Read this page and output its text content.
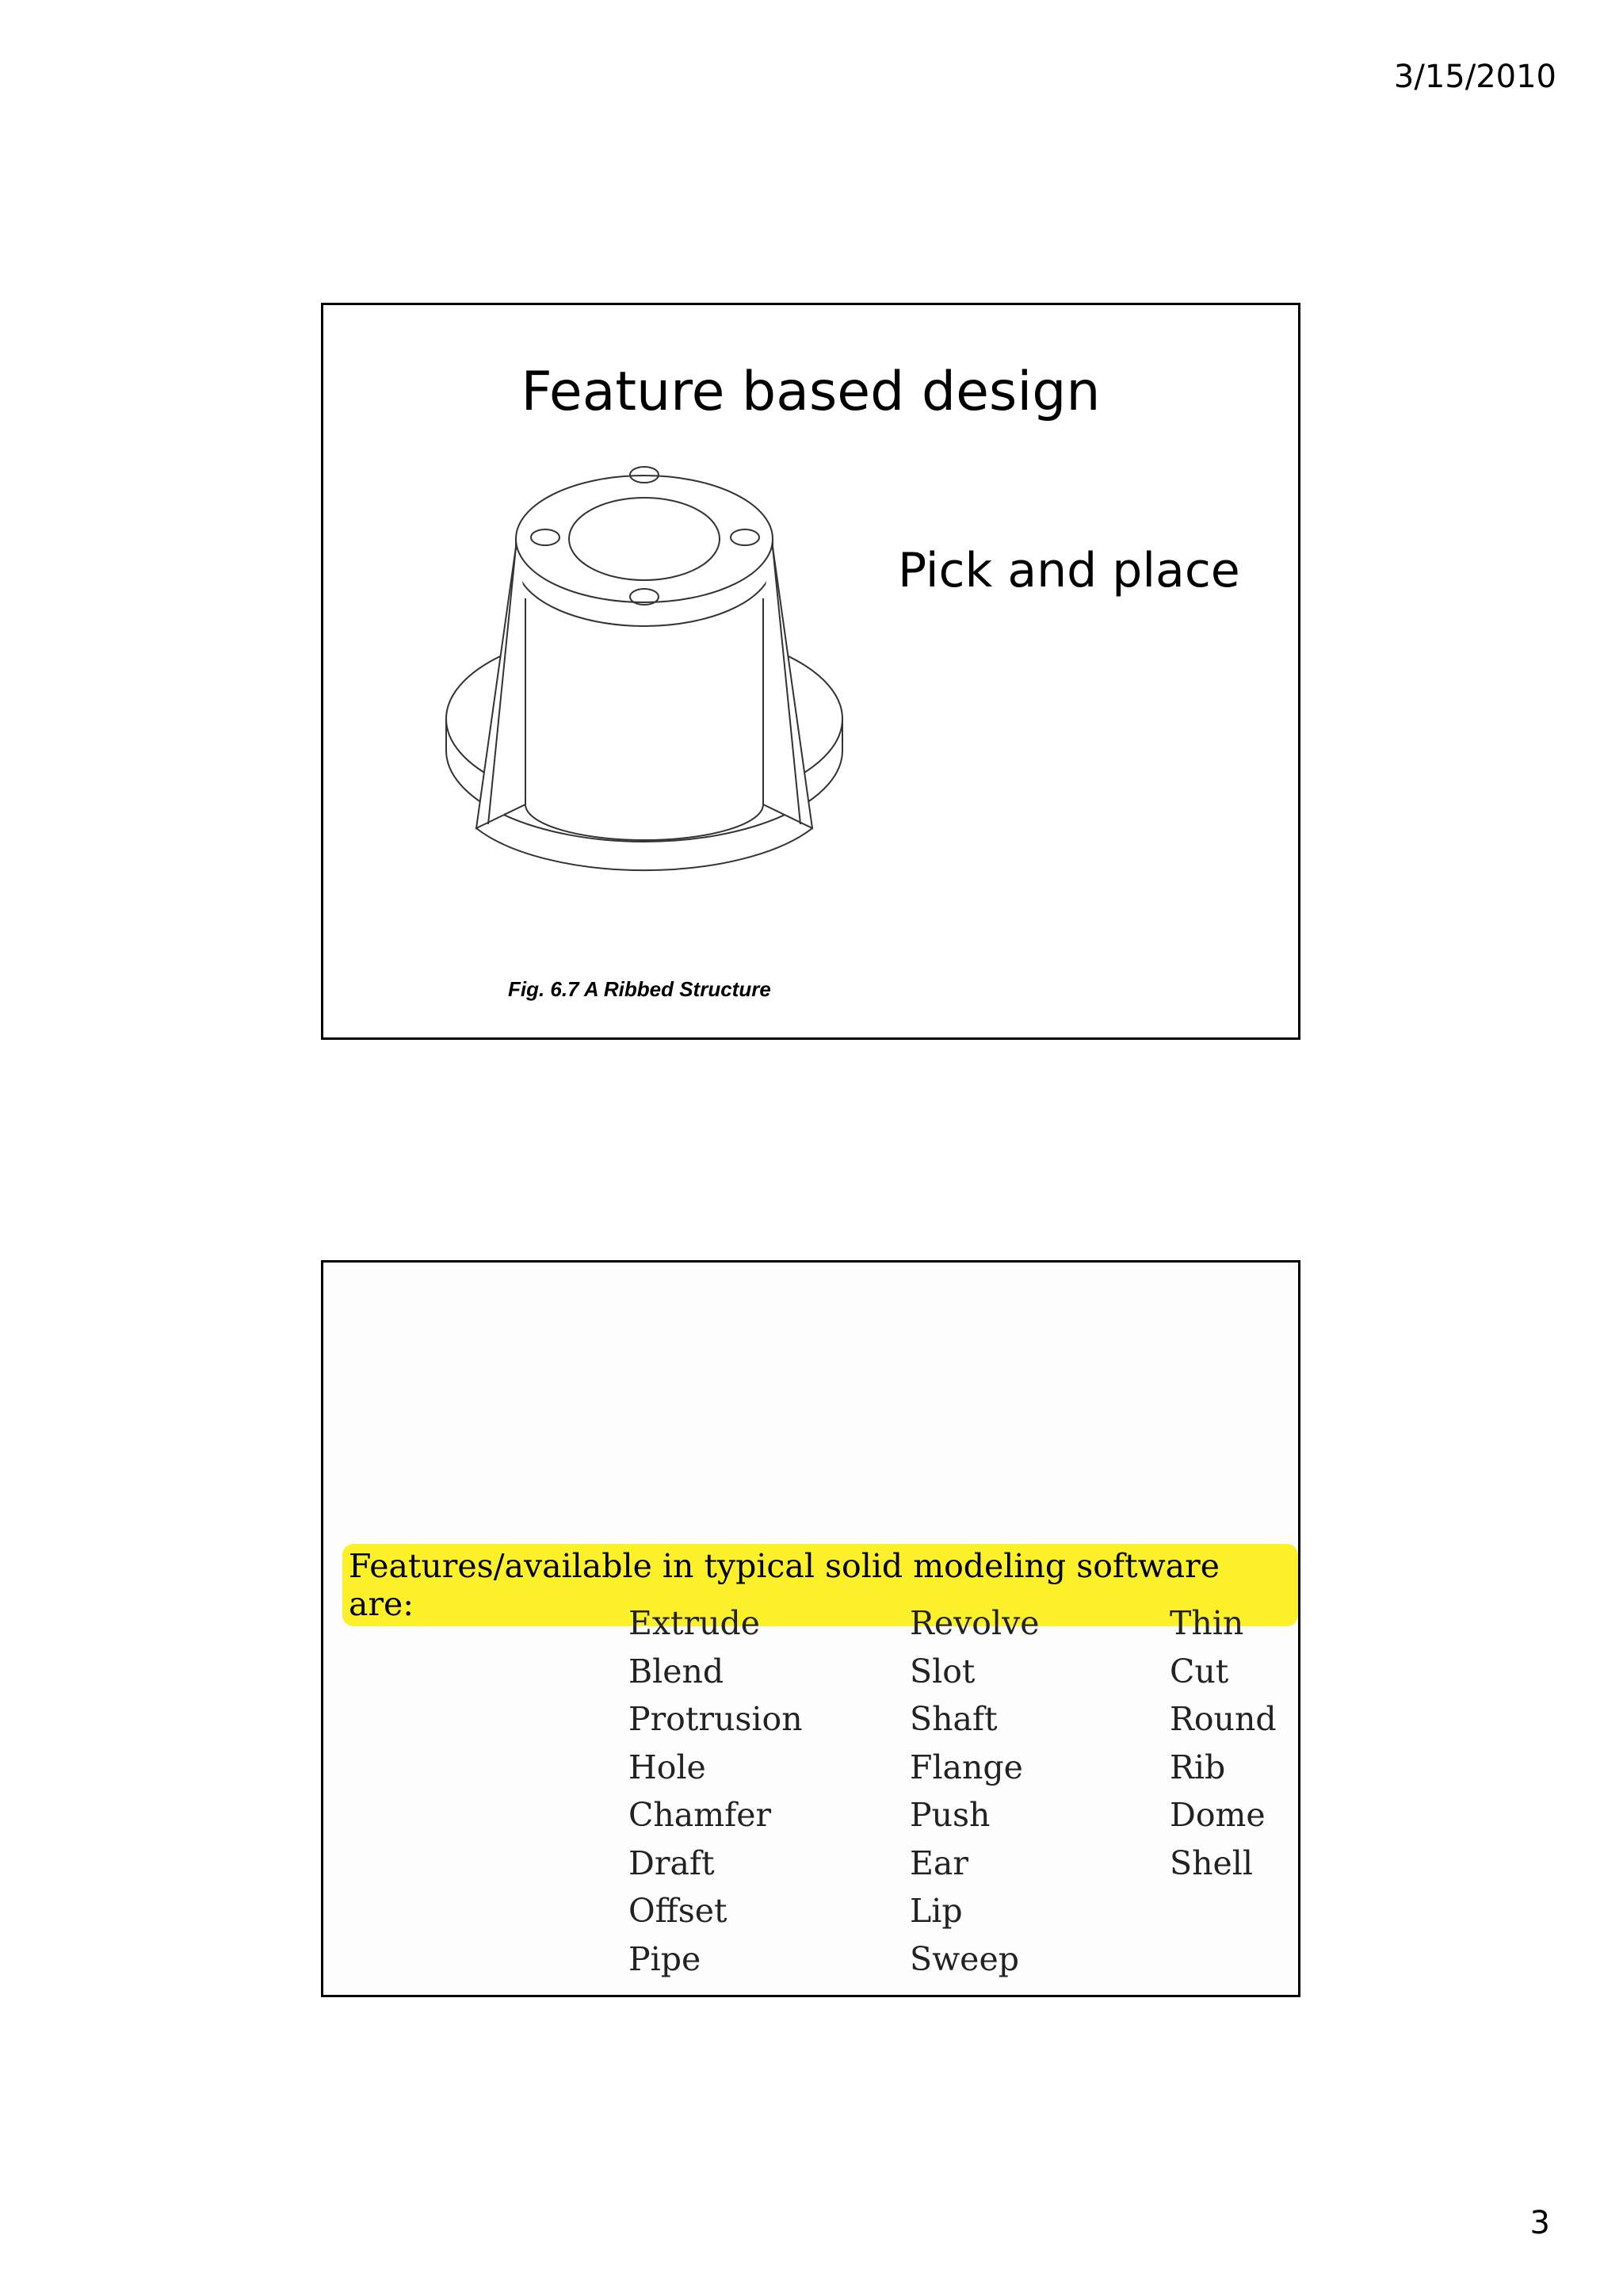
3/15/2010
Feature based design
Pick and place
Fig. 6.7 A Ribbed Structure
Features/available in typical solid modeling software are:	Extrude
Blend
Protrusion
Hole
Chamfer
Draft
Offset
Pipe
Revolve
Slot
Shaft
Flange
Push
Ear
Lip
Sweep
Thin
Cut
Round
Rib
Dome
Shell
3
